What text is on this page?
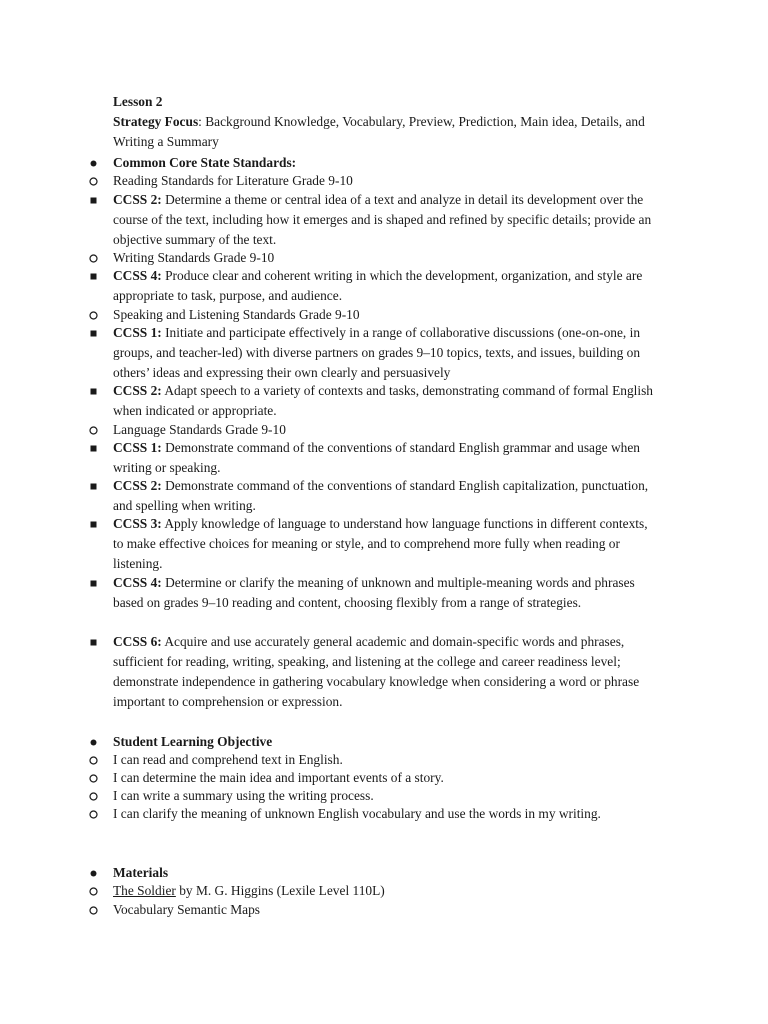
Lesson 2
Strategy Focus: Background Knowledge, Vocabulary, Preview, Prediction, Main idea, Details, and Writing a Summary
Common Core State Standards:
Reading Standards for Literature Grade 9-10
CCSS 2: Determine a theme or central idea of a text and analyze in detail its development over the course of the text, including how it emerges and is shaped and refined by specific details; provide an objective summary of the text.
Writing Standards Grade 9-10
CCSS 4: Produce clear and coherent writing in which the development, organization, and style are appropriate to task, purpose, and audience.
Speaking and Listening Standards Grade 9-10
CCSS 1: Initiate and participate effectively in a range of collaborative discussions (one-on-one, in groups, and teacher-led) with diverse partners on grades 9–10 topics, texts, and issues, building on others’ ideas and expressing their own clearly and persuasively
CCSS 2: Adapt speech to a variety of contexts and tasks, demonstrating command of formal English when indicated or appropriate.
Language Standards Grade 9-10
CCSS 1: Demonstrate command of the conventions of standard English grammar and usage when writing or speaking.
CCSS 2: Demonstrate command of the conventions of standard English capitalization, punctuation, and spelling when writing.
CCSS 3: Apply knowledge of language to understand how language functions in different contexts, to make effective choices for meaning or style, and to comprehend more fully when reading or listening.
CCSS 4: Determine or clarify the meaning of unknown and multiple-meaning words and phrases based on grades 9–10 reading and content, choosing flexibly from a range of strategies.
CCSS 6: Acquire and use accurately general academic and domain-specific words and phrases, sufficient for reading, writing, speaking, and listening at the college and career readiness level; demonstrate independence in gathering vocabulary knowledge when considering a word or phrase important to comprehension or expression.
Student Learning Objective
I can read and comprehend text in English.
I can determine the main idea and important events of a story.
I can write a summary using the writing process.
I can clarify the meaning of unknown English vocabulary and use the words in my writing.
Materials
The Soldier by M. G. Higgins (Lexile Level 110L)
Vocabulary Semantic Maps
